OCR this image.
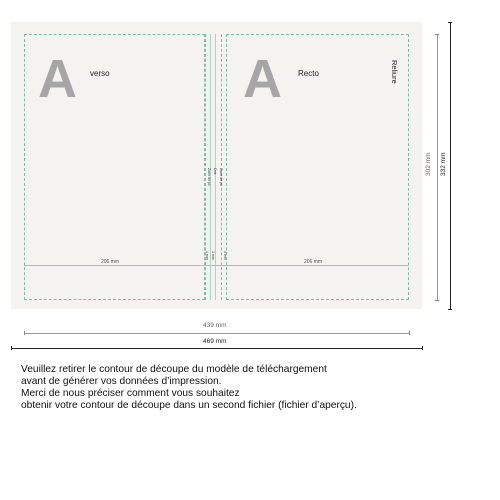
A verso A Recto	Reliure
Zone de pli Dos Zone de pli
206 mm	206 mm
4 mm 1 mm 4 mm
439 mm
469 mm
302 mm 332 mm
Veuillez retirer le contour de découpe du modèle de téléchargement
avant de générer vos données d’impression.
Merci de nous préciser comment vous souhaitez
obtenir votre contour de découpe dans un second fichier (fichier d’aperçu).
